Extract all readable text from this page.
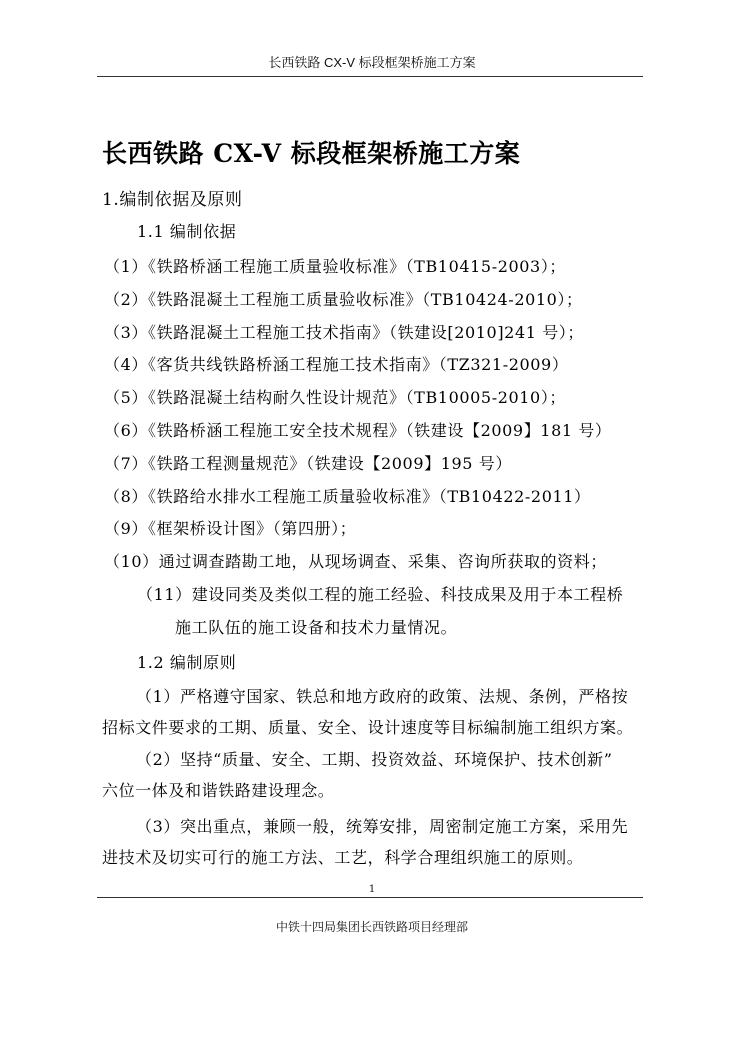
长西铁路 CX-V 标段框架桥施工方案
长西铁路 CX-V 标段框架桥施工方案
1.编制依据及原则
1.1 编制依据
（1）《铁路桥涵工程施工质量验收标准》（TB10415-2003）；
（2）《铁路混凝土工程施工质量验收标准》（TB10424-2010）；
（3）《铁路混凝土工程施工技术指南》（铁建设[2010]241 号）；
（4）《客货共线铁路桥涵工程施工技术指南》（TZ321-2009）
（5）《铁路混凝土结构耐久性设计规范》（TB10005-2010）；
（6）《铁路桥涵工程施工安全技术规程》（铁建设【2009】181 号）
（7）《铁路工程测量规范》（铁建设【2009】195 号）
（8）《铁路给水排水工程施工质量验收标准》（TB10422-2011）
（9）《框架桥设计图》（第四册）；
（10）通过调查踏勘工地，从现场调查、采集、咨询所获取的资料；
（11）建设同类及类似工程的施工经验、科技成果及用于本工程桥
施工队伍的施工设备和技术力量情况。
1.2 编制原则
（1）严格遵守国家、铁总和地方政府的政策、法规、条例，严格按
招标文件要求的工期、质量、安全、设计速度等目标编制施工组织方案。
（2）坚持“质量、安全、工期、投资效益、环境保护、技术创新”
六位一体及和谐铁路建设理念。
（3）突出重点，兼顾一般，统筹安排，周密制定施工方案，采用先
进技术及切实可行的施工方法、工艺，科学合理组织施工的原则。
1
中铁十四局集团长西铁路项目经理部
